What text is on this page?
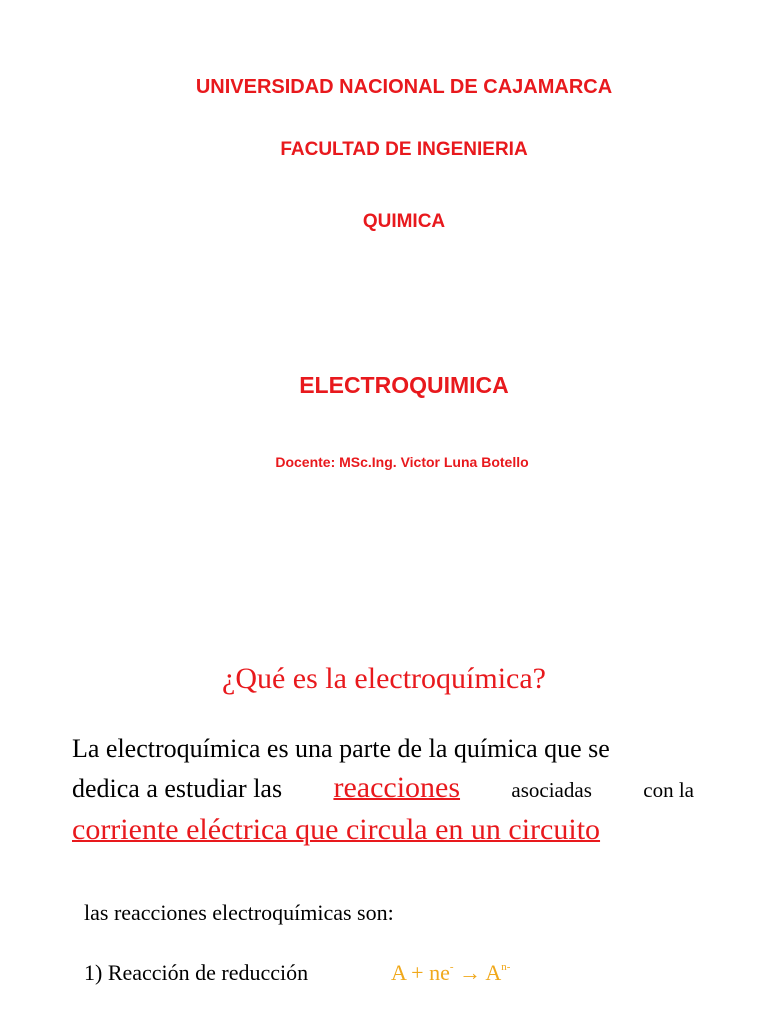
UNIVERSIDAD NACIONAL DE CAJAMARCA

FACULTAD DE INGENIERIA

QUIMICA

ELECTROQUIMICA

Docente: MSc.Ing. Victor Luna Botello

¿Qué es la electroquímica?

La electroquímica es una parte de la química que se

dedica a estudiar las reacciones asociadas con la

corriente eléctrica que circula en un circuito

las reacciones electroquímicas son:

1) Reacción de reducción	$A + ne^- \to A^{n-}$
